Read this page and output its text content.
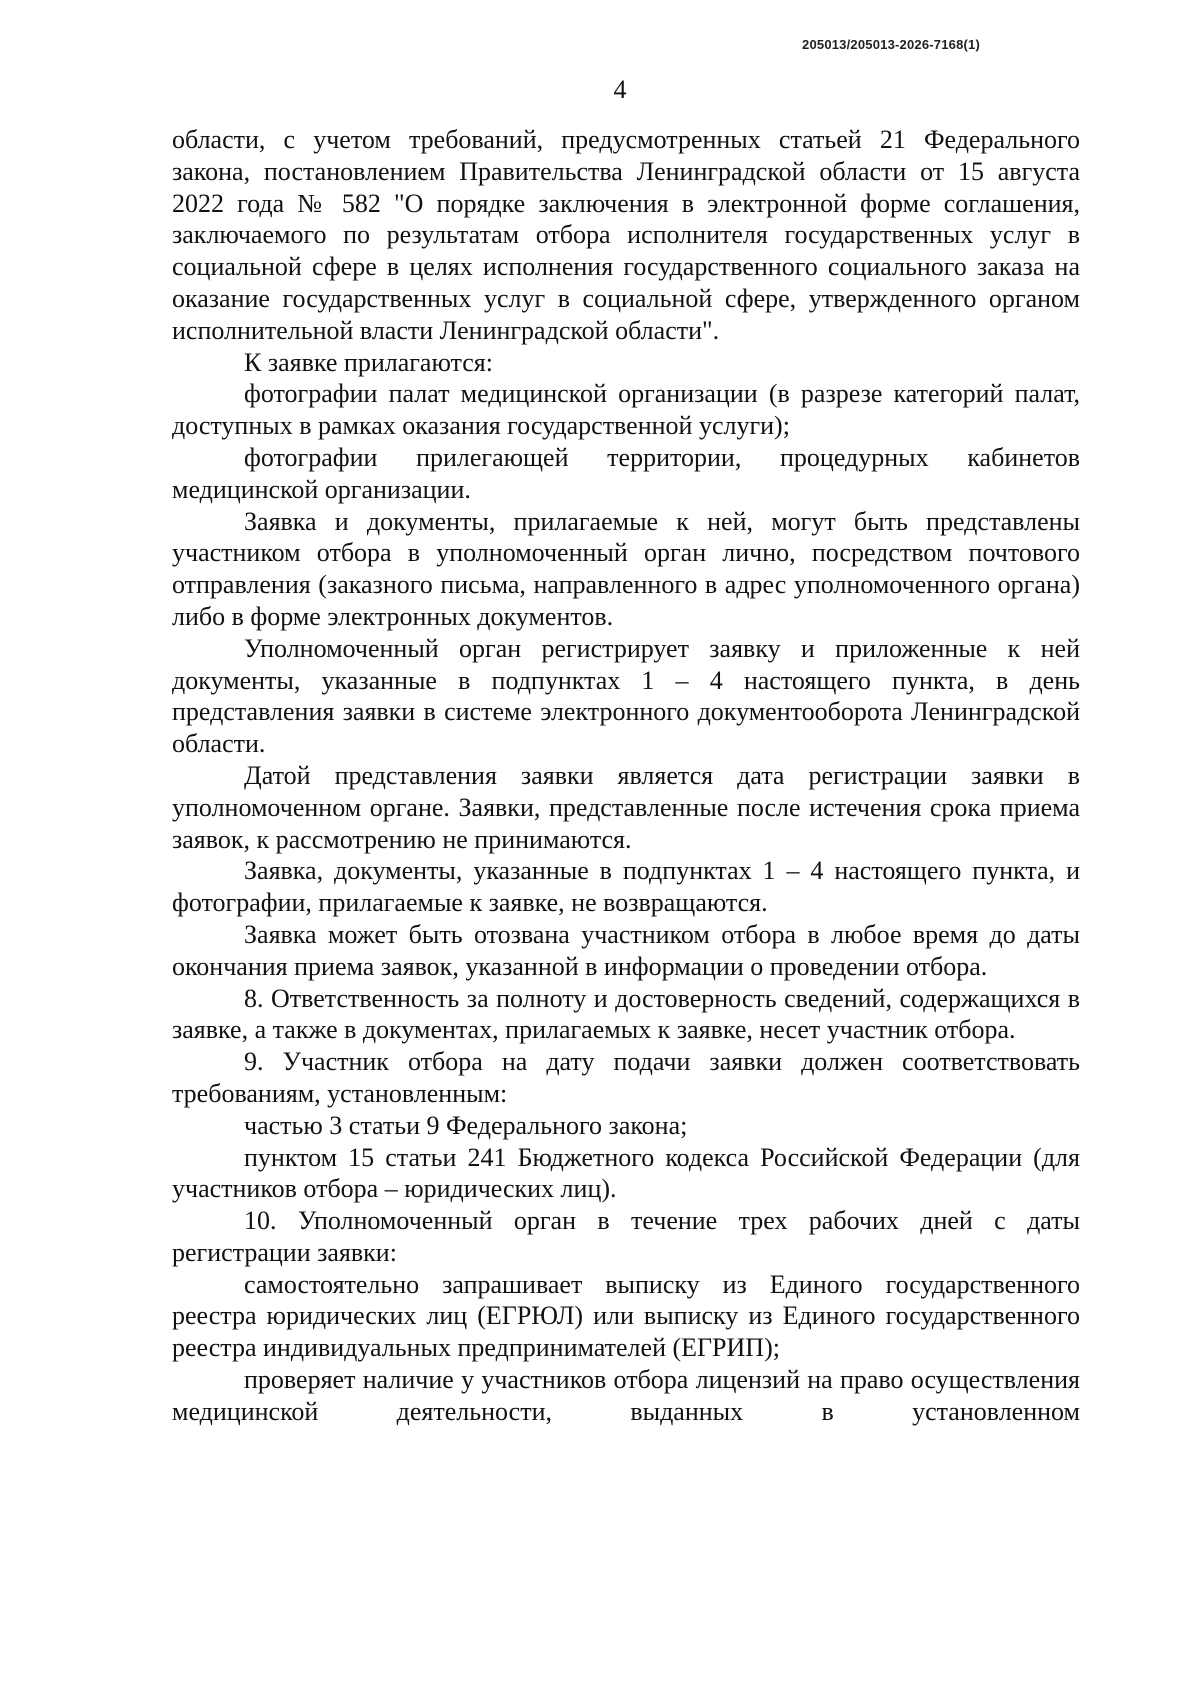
205013/205013-2026-7168(1)
4

области, с учетом требований, предусмотренных статьей 21 Федерального закона, постановлением Правительства Ленинградской области от 15 августа 2022 года № 582 "О порядке заключения в электронной форме соглашения, заключаемого по результатам отбора исполнителя государственных услуг в социальной сфере в целях исполнения государственного социального заказа на оказание государственных услуг в социальной сфере, утвержденного органом исполнительной власти Ленинградской области".

К заявке прилагаются:

фотографии палат медицинской организации (в разрезе категорий палат, доступных в рамках оказания государственной услуги);

фотографии прилегающей территории, процедурных кабинетов медицинской организации.

Заявка и документы, прилагаемые к ней, могут быть представлены участником отбора в уполномоченный орган лично, посредством почтового отправления (заказного письма, направленного в адрес уполномоченного органа) либо в форме электронных документов.

Уполномоченный орган регистрирует заявку и приложенные к ней документы, указанные в подпунктах 1 – 4 настоящего пункта, в день представления заявки в системе электронного документооборота Ленинградской области.

Датой представления заявки является дата регистрации заявки в уполномоченном органе. Заявки, представленные после истечения срока приема заявок, к рассмотрению не принимаются.

Заявка, документы, указанные в подпунктах 1 – 4 настоящего пункта, и фотографии, прилагаемые к заявке, не возвращаются.

Заявка может быть отозвана участником отбора в любое время до даты окончания приема заявок, указанной в информации о проведении отбора.

8. Ответственность за полноту и достоверность сведений, содержащихся в заявке, а также в документах, прилагаемых к заявке, несет участник отбора.

9. Участник отбора на дату подачи заявки должен соответствовать требованиям, установленным:

частью 3 статьи 9 Федерального закона;

пунктом 15 статьи 241 Бюджетного кодекса Российской Федерации (для участников отбора – юридических лиц).

10. Уполномоченный орган в течение трех рабочих дней с даты регистрации заявки:

самостоятельно запрашивает выписку из Единого государственного реестра юридических лиц (ЕГРЮЛ) или выписку из Единого государственного реестра индивидуальных предпринимателей (ЕГРИП);

проверяет наличие у участников отбора лицензий на право осуществления медицинской деятельности, выданных в установленном
